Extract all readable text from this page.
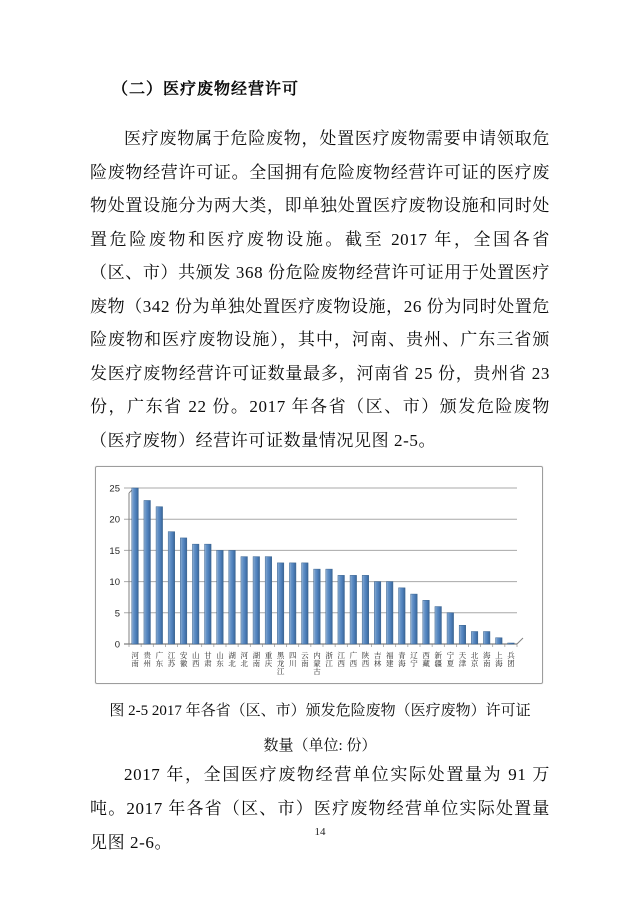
（二）医疗废物经营许可

医疗废物属于危险废物，处置医疗废物需要申请领取危险废物经营许可证。全国拥有危险废物经营许可证的医疗废物处置设施分为两大类，即单独处置医疗废物设施和同时处置危险废物和医疗废物设施。截至 2017 年，全国各省（区、市）共颁发 368 份危险废物经营许可证用于处置医疗废物（342 份为单独处置医疗废物设施，26 份为同时处置危险废物和医疗废物设施），其中，河南、贵州、广东三省颁发医疗废物经营许可证数量最多，河南省 25 份，贵州省 23 份，广东省 22 份。2017 年各省（区、市）颁发危险废物（医疗废物）经营许可证数量情况见图 2-5。

0
5
10
15
20
25
河南
贵州
广东
江苏
安徽
山西
甘肃
山东
湖北
河北
湖南
重庆
黑龙江
四川
云南
内蒙古
浙江
江西
广西
陕西
吉林
福建
青海
辽宁
西藏
新疆
宁夏
天津
北京
海南
上海
兵团
图 2-5 2017 年各省（区、市）颁发危险废物（医疗废物）许可证
数量（单位: 份）

2017 年，全国医疗废物经营单位实际处置量为 91 万吨。2017 年各省（区、市）医疗废物经营单位实际处置量见图 2-6。

14
